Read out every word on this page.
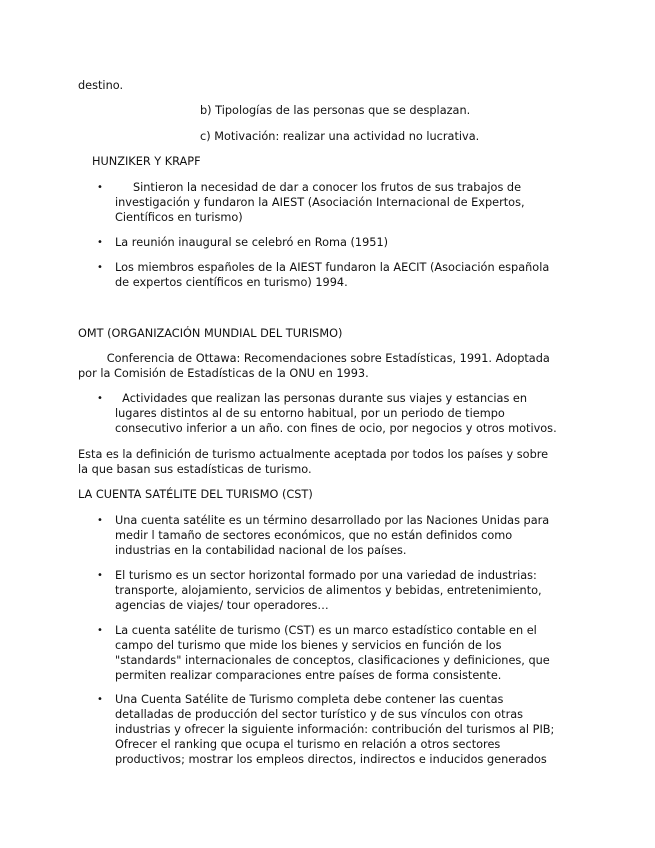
destino.

b) Tipologías de las personas que se desplazan.

c) Motivación: realizar una actividad no lucrativa.

HUNZIKER Y KRAPF

• Sintieron la necesidad de dar a conocer los frutos de sus trabajos de
investigación y fundaron la AIEST (Asociación Internacional de Expertos,
Científicos en turismo)
• La reunión inaugural se celebró en Roma (1951)
• Los miembros españoles de la AIEST fundaron la AECIT (Asociación española
de expertos científicos en turismo) 1994.

OMT (ORGANIZACIÓN MUNDIAL DEL TURISMO)

Conferencia de Ottawa: Recomendaciones sobre Estadísticas, 1991. Adoptada
por la Comisión de Estadísticas de la ONU en 1993.
• Actividades que realizan las personas durante sus viajes y estancias en
lugares distintos al de su entorno habitual, por un periodo de tiempo
consecutivo inferior a un año. con fines de ocio, por negocios y otros motivos.
Esta es la definición de turismo actualmente aceptada por todos los países y sobre
la que basan sus estadísticas de turismo.

LA CUENTA SATÉLITE DEL TURISMO (CST)

• Una cuenta satélite es un término desarrollado por las Naciones Unidas para
medir l tamaño de sectores económicos, que no están definidos como
industrias en la contabilidad nacional de los países.
• El turismo es un sector horizontal formado por una variedad de industrias:
transporte, alojamiento, servicios de alimentos y bebidas, entretenimiento,
agencias de viajes/ tour operadores…
• La cuenta satélite de turismo (CST) es un marco estadístico contable en el
campo del turismo que mide los bienes y servicios en función de los
"standards" internacionales de conceptos, clasificaciones y definiciones, que
permiten realizar comparaciones entre países de forma consistente.
• Una Cuenta Satélite de Turismo completa debe contener las cuentas
detalladas de producción del sector turístico y de sus vínculos con otras
industrias y ofrecer la siguiente información: contribución del turismos al PIB;
Ofrecer el ranking que ocupa el turismo en relación a otros sectores
productivos; mostrar los empleos directos, indirectos e inducidos generados
